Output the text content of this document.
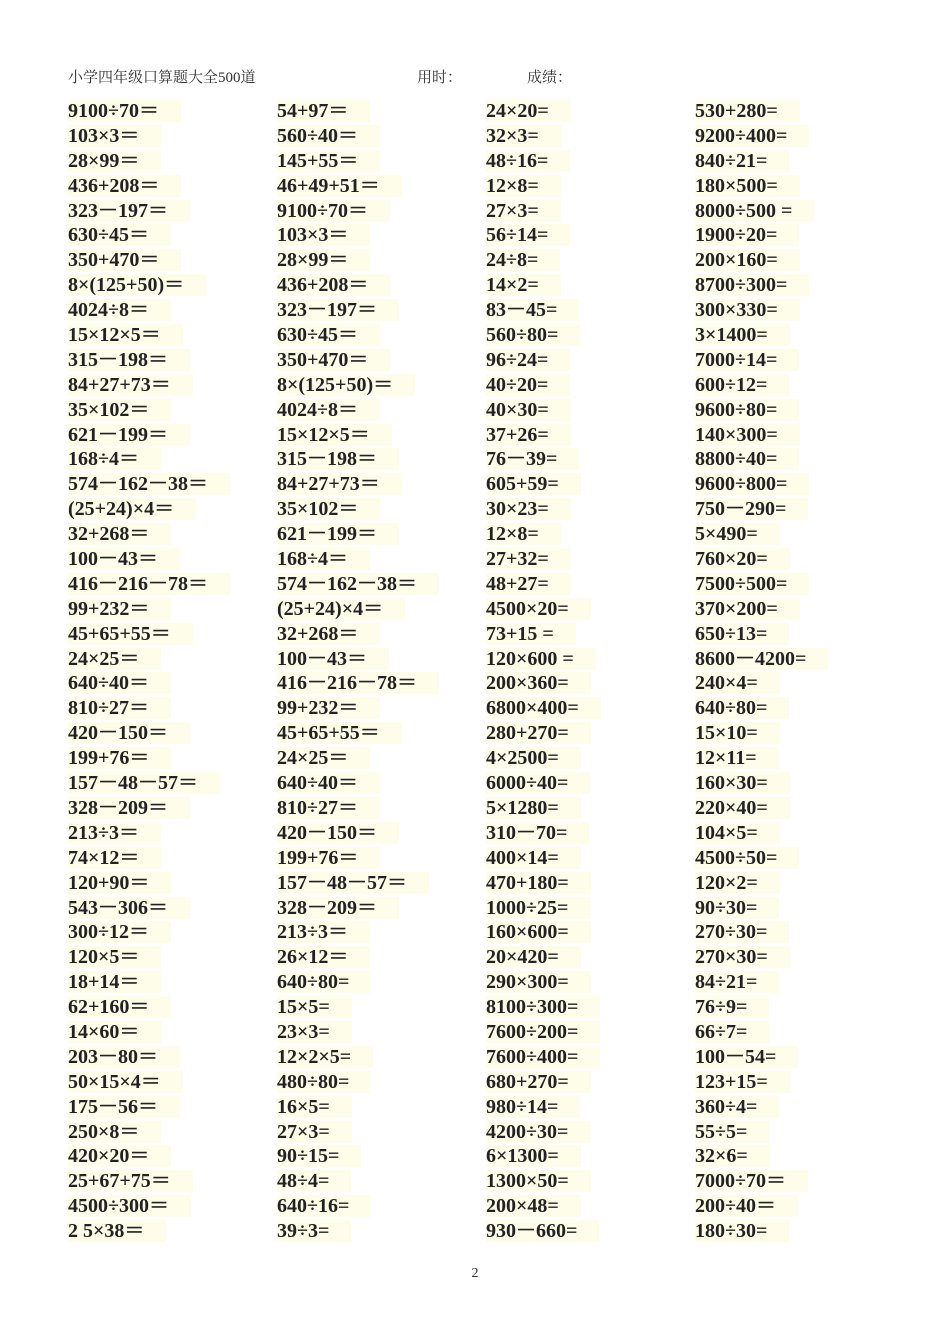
小学四年级口算题大全500道	用时：	成绩：
9100÷70＝
103×3＝
28×99＝
436+208＝
323－197＝
630÷45＝
350+470＝
8×(125+50)＝
4024÷8＝
15×12×5＝
315－198＝
84+27+73＝
35×102＝
621－199＝
168÷4＝
574－162－38＝
(25+24)×4＝
32+268＝
100－43＝
416－216－78＝
99+232＝
45+65+55＝
24×25＝
640÷40＝
810÷27＝
420－150＝
199+76＝
157－48－57＝
328－209＝
213÷3＝
74×12＝
120+90＝
543－306＝
300÷12＝
120×5＝
18+14＝
62+160＝
14×60＝
203－80＝
50×15×4＝
175－56＝
250×8＝
420×20＝
25+67+75＝
4500÷300＝
2 5×38＝
54+97＝
560÷40＝
145+55＝
46+49+51＝
9100÷70＝
103×3＝
28×99＝
436+208＝
323－197＝
630÷45＝
350+470＝
8×(125+50)＝
4024÷8＝
15×12×5＝
315－198＝
84+27+73＝
35×102＝
621－199＝
168÷4＝
574－162－38＝
(25+24)×4＝
32+268＝
100－43＝
416－216－78＝
99+232＝
45+65+55＝
24×25＝
640÷40＝
810÷27＝
420－150＝
199+76＝
157－48－57＝
328－209＝
213÷3＝
26×12＝
640÷80=
15×5=
23×3=
12×2×5=
480÷80=
16×5=
27×3=
90÷15=
48÷4=
640÷16=
39÷3=
24×20=
32×3=
48÷16=
12×8=
27×3=
56÷14=
24÷8=
14×2=
83－45=
560÷80=
96÷24=
40÷20=
40×30=
37+26=
76－39=
605+59=
30×23=
12×8=
27+32=
48+27=
4500×20=
73+15 =
120×600 =
200×360=
6800×400=
280+270=
4×2500=
6000÷40=
5×1280=
310－70=
400×14=
470+180=
1000÷25=
160×600=
20×420=
290×300=
8100÷300=
7600÷200=
7600÷400=
680+270=
980÷14=
4200÷30=
6×1300=
1300×50=
200×48=
930－660=
530+280=
9200÷400=
840÷21=
180×500=
8000÷500 =
1900÷20=
200×160=
8700÷300=
300×330=
3×1400=
7000÷14=
600÷12=
9600÷80=
140×300=
8800÷40=
9600÷800=
750－290=
5×490=
760×20=
7500÷500=
370×200=
650÷13=
8600－4200=
240×4=
640÷80=
15×10=
12×11=
160×30=
220×40=
104×5=
4500÷50=
120×2=
90÷30=
270÷30=
270×30=
84÷21=
76÷9=
66÷7=
100－54=
123+15=
360÷4=
55÷5=
32×6=
7000÷70＝
200÷40＝
180÷30=
2
